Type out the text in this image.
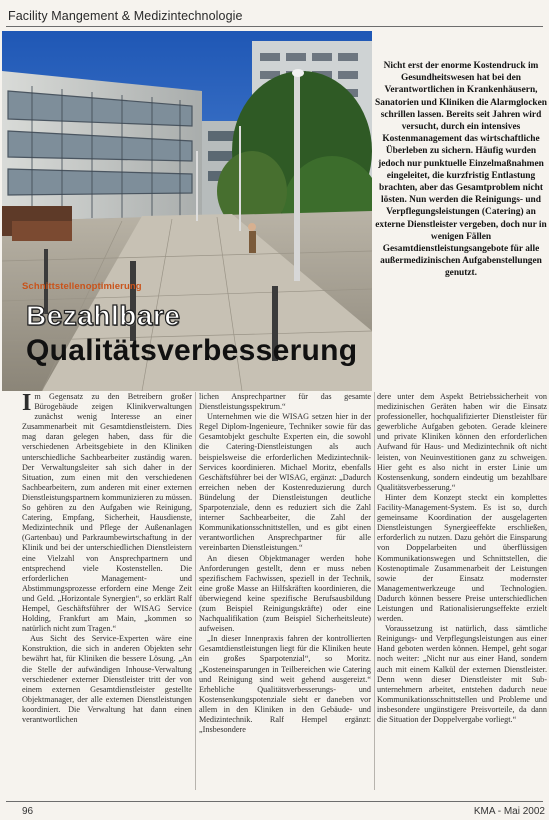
Facility Mangement & Medizintechnologie

Nicht erst der enorme Kostendruck im Gesundheitswesen hat bei den Verantwortlichen in Krankenhäusern, Sanatorien und Kliniken die Alarmglocken schrillen lassen. Bereits seit Jahren wird versucht, durch ein intensives Kostenmanagement das wirtschaftliche Überleben zu sichern. Häufig wurden jedoch nur punktuelle Einzelmaßnahmen eingeleitet, die kurzfristig Entlastung brachten, aber das Gesamtproblem nicht lösten. Nun werden die Reinigungs- und Verpflegungsleistungen (Catering) an externe Dienstleister vergeben, doch nur in wenigen Fällen Gesamtdienstleistungsangebote für alle außermedizinischen Aufgabenstellungen genutzt.

Schnittstellenoptimierung
Bezahlbare
Qualitätsverbesserung

Im Gegensatz zu den Betreibern großer Bürogebäude zeigen Klinikverwaltungen zunächst wenig Interesse an einer Zusammenarbeit mit Gesamtdienstleistern. Dies mag daran gelegen haben, dass für die verschiedenen Arbeitsgebiete in den Kliniken unterschiedliche Sachbearbeiter zuständig waren. Der Verwaltungsleiter sah sich daher in der Situation, zum einen mit den verschiedenen Sachbearbeitern, zum anderen mit einer externen Dienstleistungspartnern kommunizieren zu müssen. So gehören zu den Aufgaben wie Reinigung, Catering, Empfang, Sicherheit, Hausdienste, Medizintechnik und Pflege der Außenanlagen (Gartenbau) und Parkraumbewirtschaftung in der Klinik und bei der unterschiedlichen Dienstleistern eine Vielzahl von Ansprechpartnern und entsprechend viele Kostenstellen. Die erforderlichen Management- und Abstimmungsprozesse erfordern eine Menge Zeit und Geld. „Horizontale Synergien“, so erklärt Ralf Hempel, Geschäftsführer der WISAG Service Holding, Frankfurt am Main, „kommen so natürlich nicht zum Tragen.“

Aus Sicht des Service-Experten wäre eine Konstruktion, die sich in anderen Objekten sehr bewährt hat, für Kliniken die bessere Lösung. „An die Stelle der aufwändigen Inhouse-Verwaltung verschiedener externer Dienstleister tritt der von einem externen Gesamtdienstleister gestellte Objektmanager, der alle externen Dienstleistungen koordiniert. Die Verwaltung hat dann einen verantwortlichen

lichen Ansprechpartner für das gesamte Dienstleistungsspektrum.“

Unternehmen wie die WISAG setzen hier in der Regel Diplom-Ingenieure, Techniker sowie für das Gesamtobjekt geschulte Experten ein, die sowohl die Catering-Dienstleistungen als auch beispielsweise die erforderlichen Medizintechnik-Services koordinieren. Michael Moritz, ebenfalls Geschäftsführer bei der WISAG, ergänzt: „Dadurch erreichen neben der Kostenreduzierung durch Bündelung der Dienstleistungen deutliche Sparpotenziale, denn es reduziert sich die Zahl interner Sachbearbeiter, die Zahl der Kommunikationsschnittstellen, und es gibt einen verantwortlichen Ansprechpartner für alle vereinbarten Dienstleistungen.“

An diesen Objektmanager werden hohe Anforderungen gestellt, denn er muss neben spezifischem Fachwissen, speziell in der Technik, eine große Masse an Hilfskräften koordinieren, die überwiegend keine spezifische Berufsausbildung (zum Beispiel Reinigungskräfte) oder eine Nachqualifikation (zum Beispiel Sicherheitsleute) aufweisen.

„In dieser Innenpraxis fahren der kontrollierten Gesamtdienstleistungen liegt für die Kliniken heute ein großes Sparpotenzial“, so Moritz. „Kosteneinsparungen in Teilbereichen wie Catering und Reinigung sind weit gehend ausgereizt.“ Erhebliche Qualitätsverbesserungs- und Kostensenkungspotenziale sieht er daneben vor allem in den Kliniken in den Gebäude- und Medizintechnik. Ralf Hempel ergänzt: „Insbesondere

dere unter dem Aspekt Betriebssicherheit von medizinischen Geräten haben wir die Einsatz professioneller, hochqualifizierter Dienstleister für gewerbliche Aufgaben geboten. Gerade kleinere und private Kliniken können den erforderlichen Aufwand für Haus- und Medizintechnik oft nicht leisten, von Neuinvestitionen ganz zu schweigen. Hier geht es also nicht in erster Linie um Kostensenkung, sondern eindeutig um bezahlbare Qualitätsverbesserung.“

Hinter dem Konzept steckt ein komplettes Facility-Management-System. Es ist so, durch gemeinsame Koordination der ausgelagerten Dienstleistungen Synergieeffekte erschließen, erforderlich zu nutzen. Dazu gehört die Einsparung von Doppelarbeiten und überflüssigen Kommunikationswegen und Schnittstellen, die Kostenoptimale Zusammenarbeit der Leistungen sowie der Einsatz modernster Managementwerkzeuge und Technologien. Dadurch können bessere Preise unterschiedlichen Leistungen und Rationalisierungseffekte erzielt werden.

Voraussetzung ist natürlich, dass sämtliche Reinigungs- und Verpflegungsleistungen aus einer Hand geboten werden können. Hempel, geht sogar noch weiter: „Nicht nur aus einer Hand, sondern auch mit einem Kalkül der externen Dienstleister. Denn wenn dieser Dienstleister mit Sub-unternehmern arbeitet, entstehen dadurch neue Kommunikationsschnittstellen und Probleme und insbesondere ungünstigere Preisvorteile, da dann die Situation der Doppelvergabe vorliegt.“

96	KMA - Mai 2002
